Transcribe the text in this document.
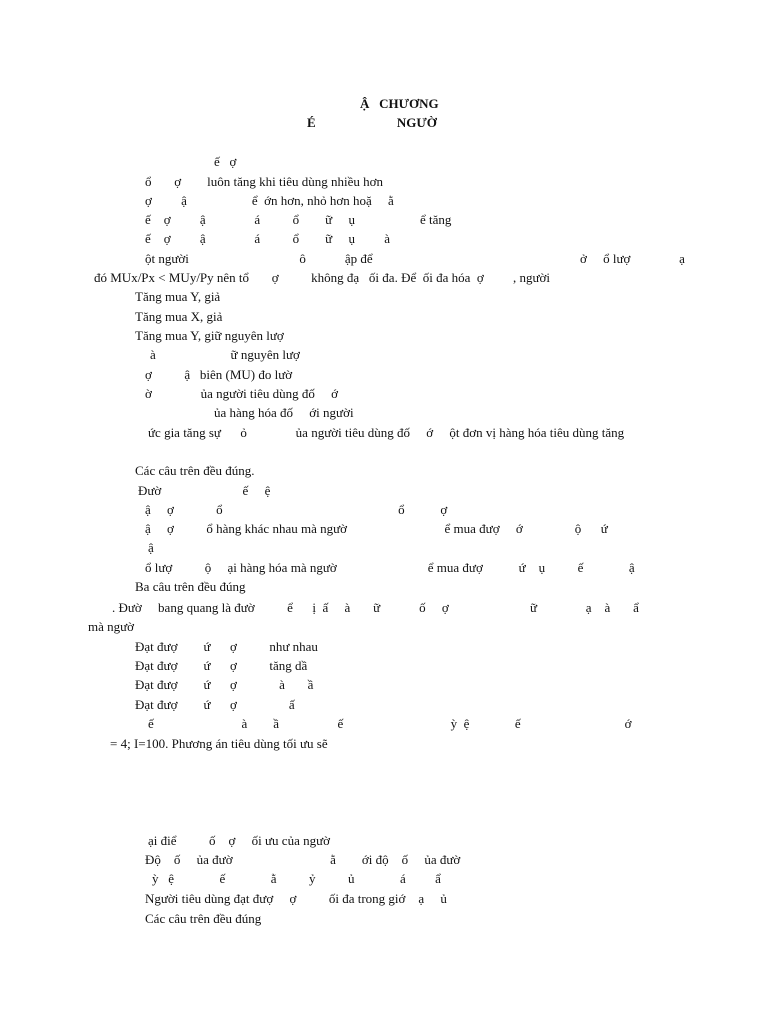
Ậ   CHƯƠNG
É                         NGƯỜ
ế   ợ
ổ       ợ        luôn tăng khi tiêu dùng nhiều hơn
ợ         ậ                    ể  ớn hơn, nhỏ hơn hoặ     ằ
ế    ợ         ậ               á          ổ        ữ     ụ                    ể tăng
ế    ợ         ậ               á          ổ        ữ     ụ         à
ột người                                  ô            ập để	ở     ổ lượ               ạ
đó MUx/Px < MUy/Py nên tổ       ợ          không đạ   ối đa. Để  ối đa hóa  ợ         , người
Tăng mua Y, giả
Tăng mua X, giả
Tăng mua Y, giữ nguyên lượ
à                       ữ nguyên lượ
ợ          ậ   biên (MU) đo lườ
ờ               ủa người tiêu dùng đố     ớ
ủa hàng hóa đố     ới người
ức gia tăng sự      ỏ               ủa người tiêu dùng đố     ớ     ột đơn vị hàng hóa tiêu dùng tăng
Các câu trên đều đúng.
Đườ                         ế     ệ
ậ     ợ             ổ                                                      ổ           ợ
ậ     ợ          ổ hàng khác nhau mà ngườ                              ể mua đượ     ớ                ộ      ứ
ậ
ổ lượ          ộ     ại hàng hóa mà ngườ                            ể mua đượ           ứ    ụ          ế              ậ
Ba câu trên đều đúng
. Đườ     bang quang là đườ          ể      ị  ấ     à       ữ            ố     ợ                         ữ               ạ    à       ẩ
mà ngườ
Đạt đượ        ứ      ợ          như nhau
Đạt đượ        ứ      ợ          tăng dầ
Đạt đượ        ứ      ợ             à       ầ
Đạt đượ        ứ      ợ                ấ
ế                           à        ầ                  ế                                 ỳ  ệ              ế                                ớ
= 4; I=100. Phương án tiêu dùng tối ưu sẽ
ại điể          ố    ợ     ối ưu của ngườ
Độ    ố     ủa đườ                              ằ        ới độ    ố     ủa đườ
ỳ   ệ              ế              ằ          ỷ          ủ              á         ẩ
Người tiêu dùng đạt đượ     ợ          ối đa trong giớ    ạ     ủ
Các câu trên đều đúng
